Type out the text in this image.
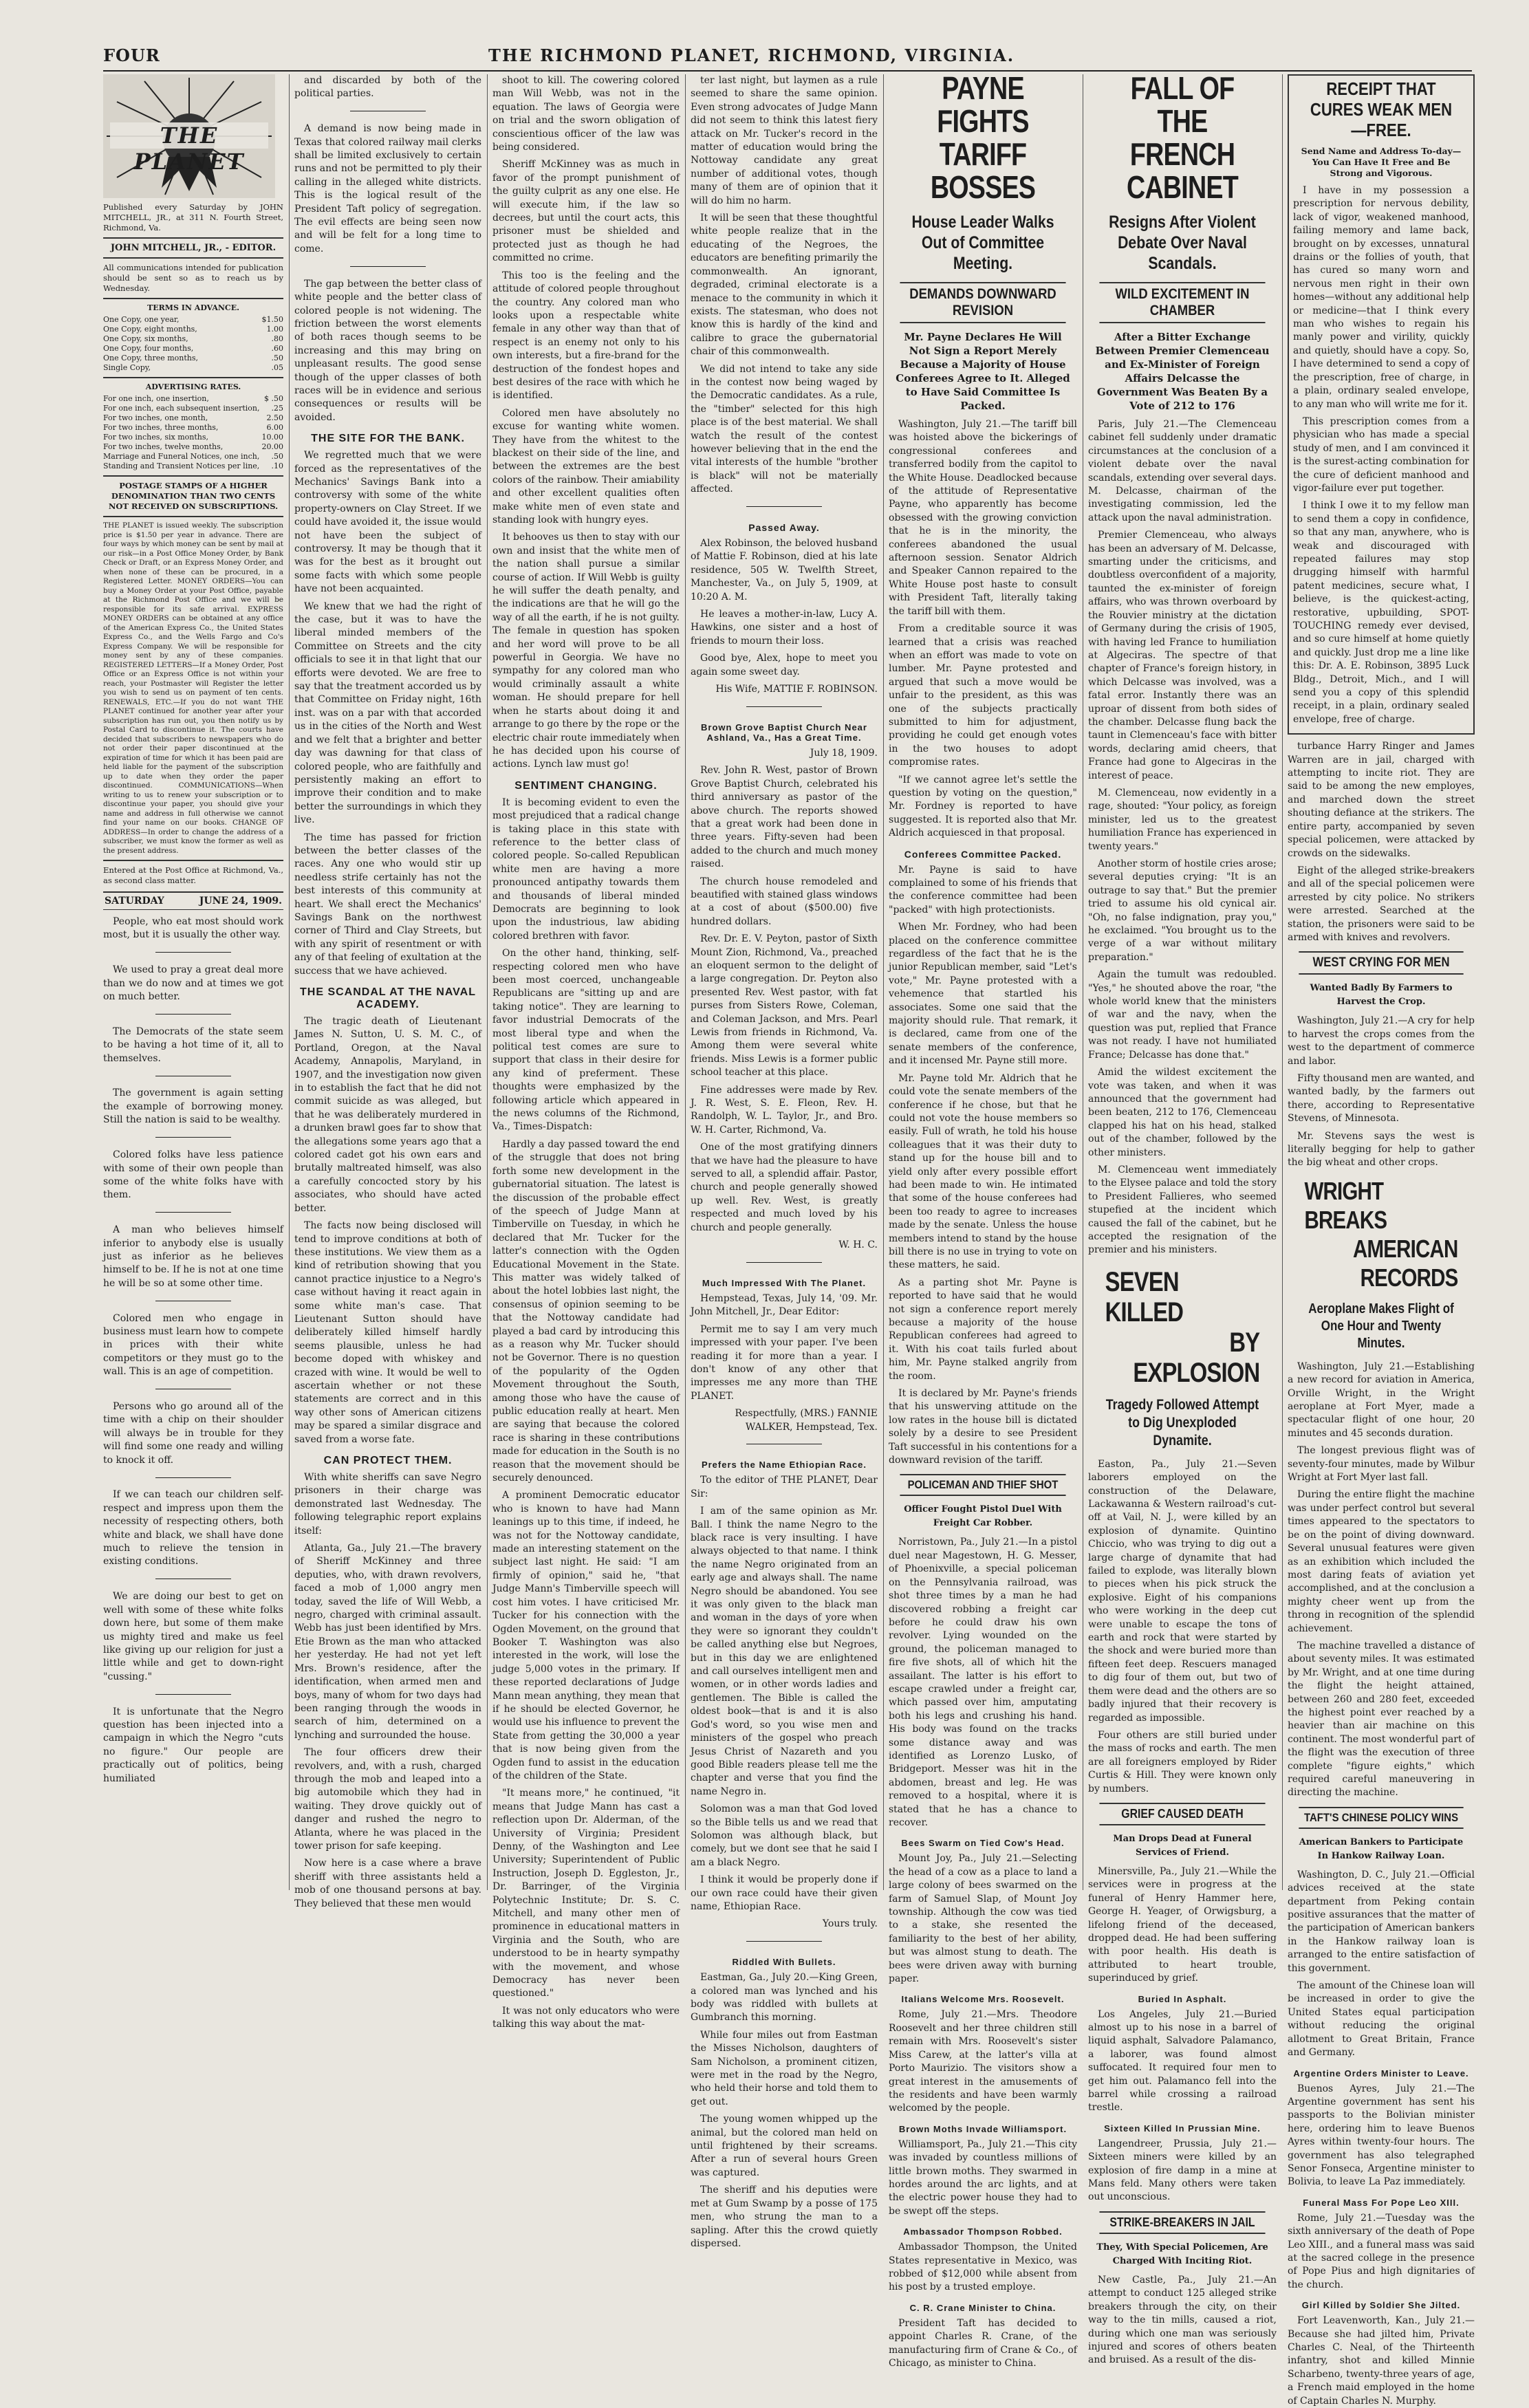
FOUR	THE RICHMOND PLANET, RICHMOND, VIRGINIA.
THE PLANET
Published every Saturday by JOHN MITCHELL, JR., at 311 N. Fourth Street, Richmond, Va.
JOHN MITCHELL, JR., - EDITOR.
All communications intended for publication should be sent so as to reach us by Wednesday.
TERMS IN ADVANCE.
One Copy, one year,	$1.50
One Copy, eight months,	1.00
One Copy, six months,	.80
One Copy, four months,	.60
One Copy, three months,	.50
Single Copy,	.05
ADVERTISING RATES.
For one inch, one insertion,	$ .50
For one inch, each subsequent insertion, .25
For two inches, one month,	2.50
For two inches, three months,	6.00
For two inches, six months,	10.00
For two inches, twelve months,	20.00
Marriage and Funeral Notices, one inch, .50
Standing and Transient Notices per line, .10
POSTAGE STAMPS OF A HIGHER DENOMINATION THAN TWO CENTS NOT RECEIVED ON SUBSCRIPTIONS.
THE PLANET is issued weekly. The subscription price is $1.50 per year in advance. There are four ways by which money can be sent by mail at our risk—in a Post Office Money Order, by Bank Check or Draft, or an Express Money Order, and when none of these can be procured, in a Registered Letter. MONEY ORDERS—You can buy a Money Order at your Post Office, payable at the Richmond Post Office and we will be responsible for its safe arrival. EXPRESS MONEY ORDERS can be obtained at any office of the American Express Co., the United States Express Co., and the Wells Fargo and Co's Express Company. We will be responsible for money sent by any of these companies. REGISTERED LETTERS—If a Money Order, Post Office or an Express Office is not within your reach, your Postmaster will Register the letter you wish to send us on payment of ten cents. RENEWALS, ETC.—If you do not want THE PLANET continued for another year after your subscription has run out, you then notify us by Postal Card to discontinue it. The courts have decided that subscribers to newspapers who do not order their paper discontinued at the expiration of time for which it has been paid are held liable for the payment of the subscription up to date when they order the paper discontinued. COMMUNICATIONS—When writing to us to renew your subscription or to discontinue your paper, you should give your name and address in full otherwise we cannot find your name on our books. CHANGE OF ADDRESS—In order to change the address of a subscriber, we must know the former as well as the present address.
Entered at the Post Office at Richmond, Va., as second class matter.
SATURDAY	JUNE 24, 1909.

People, who eat most should work most, but it is usually the other way.

We used to pray a great deal more than we do now and at times we got on much better.

The Democrats of the state seem to be having a hot time of it, all to themselves.

The government is again setting the example of borrowing money. Still the nation is said to be wealthy.

Colored folks have less patience with some of their own people than some of the white folks have with them.

A man who believes himself inferior to anybody else is usually just as inferior as he believes himself to be. If he is not at one time he will be so at some other time.

Colored men who engage in business must learn how to compete in prices with their white competitors or they must go to the wall. This is an age of competition.

Persons who go around all of the time with a chip on their shoulder will always be in trouble for they will find some one ready and willing to knock it off.

If we can teach our children self-respect and impress upon them the necessity of respecting others, both white and black, we shall have done much to relieve the tension in existing conditions.

We are doing our best to get on well with some of these white folks down here, but some of them make us mighty tired and make us feel like giving up our religion for just a little while and get to down-right "cussing."

It is unfortunate that the Negro question has been injected into a campaign in which the Negro "cuts no figure." Our people are practically out of politics, being humiliated

and discarded by both of the political parties.

A demand is now being made in Texas that colored railway mail clerks shall be limited exclusively to certain runs and not be permitted to ply their calling in the alleged white districts. This is the logical result of the President Taft policy of segregation. The evil effects are being seen now and will be felt for a long time to come.

The gap between the better class of white people and the better class of colored people is not widening. The friction between the worst elements of both races though seems to be increasing and this may bring on unpleasant results. The good sense though of the upper classes of both races will be in evidence and serious consequences or results will be avoided.

THE SITE FOR THE BANK.

We regretted much that we were forced as the representatives of the Mechanics' Savings Bank into a controversy with some of the white property-owners on Clay Street. If we could have avoided it, the issue would not have been the subject of controversy. It may be though that it was for the best as it brought out some facts with which some people have not been acquainted.

We knew that we had the right of the case, but it was to have the liberal minded members of the Committee on Streets and the city officials to see it in that light that our efforts were devoted. We are free to say that the treatment accorded us by that Committee on Friday night, 16th inst. was on a par with that accorded us in the cities of the North and West and we felt that a brighter and better day was dawning for that class of colored people, who are faithfully and persistently making an effort to improve their condition and to make better the surroundings in which they live.

The time has passed for friction between the better classes of the races. Any one who would stir up needless strife certainly has not the best interests of this community at heart. We shall erect the Mechanics' Savings Bank on the northwest corner of Third and Clay Streets, but with any spirit of resentment or with any of that feeling of exultation at the success that we have achieved.

THE SCANDAL AT THE NAVAL ACADEMY.

The tragic death of Lieutenant James N. Sutton, U. S. M. C., of Portland, Oregon, at the Naval Academy, Annapolis, Maryland, in 1907, and the investigation now given in to establish the fact that he did not commit suicide as was alleged, but that he was deliberately murdered in a drunken brawl goes far to show that the allegations some years ago that a colored cadet got his own ears and brutally maltreated himself, was also a carefully concocted story by his associates, who should have acted better.

The facts now being disclosed will tend to improve conditions at both of these institutions. We view them as a kind of retribution showing that you cannot practice injustice to a Negro's case without having it react again in some white man's case. That Lieutenant Sutton should have deliberately killed himself hardly seems plausible, unless he had become doped with whiskey and crazed with wine. It would be well to ascertain whether or not these statements are correct and in this way other sons of American citizens may be spared a similar disgrace and saved from a worse fate.

CAN PROTECT THEM.

With white sheriffs can save Negro prisoners in their charge was demonstrated last Wednesday. The following telegraphic report explains itself:

Atlanta, Ga., July 21.—The bravery of Sheriff McKinney and three deputies, who, with drawn revolvers, faced a mob of 1,000 angry men today, saved the life of Will Webb, a negro, charged with criminal assault. Webb has just been identified by Mrs. Etie Brown as the man who attacked her yesterday. He had not yet left Mrs. Brown's residence, after the identification, when armed men and boys, many of whom for two days had been ranging through the woods in search of him, determined on a lynching and surrounded the house.

The four officers drew their revolvers, and, with a rush, charged through the mob and leaped into a big automobile which they had in waiting. They drove quickly out of danger and rushed the negro to Atlanta, where he was placed in the tower prison for safe keeping.

Now here is a case where a brave sheriff with three assistants held a mob of one thousand persons at bay. They believed that these men would

shoot to kill. The cowering colored man Will Webb, was not in the equation. The laws of Georgia were on trial and the sworn obligation of conscientious officer of the law was being considered.

Sheriff McKinney was as much in favor of the prompt punishment of the guilty culprit as any one else. He will execute him, if the law so decrees, but until the court acts, this prisoner must be shielded and protected just as though he had committed no crime.

This too is the feeling and the attitude of colored people throughout the country. Any colored man who looks upon a respectable white female in any other way than that of respect is an enemy not only to his own interests, but a fire-brand for the destruction of the fondest hopes and best desires of the race with which he is identified.

Colored men have absolutely no excuse for wanting white women. They have from the whitest to the blackest on their side of the line, and between the extremes are the best colors of the rainbow. Their amiability and other excellent qualities often make white men of even state and standing look with hungry eyes.

It behooves us then to stay with our own and insist that the white men of the nation shall pursue a similar course of action. If Will Webb is guilty he will suffer the death penalty, and the indications are that he will go the way of all the earth, if he is not guilty. The female in question has spoken and her word will prove to be all powerful in Georgia. We have no sympathy for any colored man who would criminally assault a white woman. He should prepare for hell when he starts about doing it and arrange to go there by the rope or the electric chair route immediately when he has decided upon his course of actions. Lynch law must go!

SENTIMENT CHANGING.

It is becoming evident to even the most prejudiced that a radical change is taking place in this state with reference to the better class of colored people. So-called Republican white men are having a more pronounced antipathy towards them and thousands of liberal minded Democrats are beginning to look upon the industrious, law abiding colored brethren with favor.

On the other hand, thinking, self-respecting colored men who have been most coerced, unchangeable Republicans are "sitting up and are taking notice". They are learning to favor industrial Democrats of the most liberal type and when the political test comes are sure to support that class in their desire for any kind of preferment. These thoughts were emphasized by the following article which appeared in the news columns of the Richmond, Va., Times-Dispatch:

Hardly a day passed toward the end of the struggle that does not bring forth some new development in the gubernatorial situation. The latest is the discussion of the probable effect of the speech of Judge Mann at Timberville on Tuesday, in which he declared that Mr. Tucker for the latter's connection with the Ogden Educational Movement in the State. This matter was widely talked of about the hotel lobbies last night, the consensus of opinion seeming to be that the Nottoway candidate had played a bad card by introducing this as a reason why Mr. Tucker should not be Governor. There is no question of the popularity of the Ogden Movement throughout the South, among those who have the cause of public education really at heart. Men are saying that because the colored race is sharing in these contributions made for education in the South is no reason that the movement should be securely denounced.

A prominent Democratic educator who is known to have had Mann leanings up to this time, if indeed, he was not for the Nottoway candidate, made an interesting statement on the subject last night. He said: "I am firmly of opinion," said he, "that Judge Mann's Timberville speech will cost him votes. I have criticised Mr. Tucker for his connection with the Ogden Movement, on the ground that Booker T. Washington was also interested in the work, will lose the judge 5,000 votes in the primary. If these reported declarations of Judge Mann mean anything, they mean that if he should be elected Governor, he would use his influence to prevent the State from getting the 30,000 a year that is now being given from the Ogden fund to assist in the education of the children of the State.

"It means more," he continued, "it means that Judge Mann has cast a reflection upon Dr. Alderman, of the University of Virginia; President Denny, of the Washington and Lee University; Superintendent of Public Instruction, Joseph D. Eggleston, Jr., Dr. Barringer, of the Virginia Polytechnic Institute; Dr. S. C. Mitchell, and many other men of prominence in educational matters in Virginia and the South, who are understood to be in hearty sympathy with the movement, and whose Democracy has never been questioned."

It was not only educators who were talking this way about the mat-

ter last night, but laymen as a rule seemed to share the same opinion. Even strong advocates of Judge Mann did not seem to think this latest fiery attack on Mr. Tucker's record in the matter of education would bring the Nottoway candidate any great number of additional votes, though many of them are of opinion that it will do him no harm.

It will be seen that these thoughtful white people realize that in the educating of the Negroes, the educators are benefiting primarily the commonwealth. An ignorant, degraded, criminal electorate is a menace to the community in which it exists. The statesman, who does not know this is hardly of the kind and calibre to grace the gubernatorial chair of this commonwealth.

We did not intend to take any side in the contest now being waged by the Democratic candidates. As a rule, the "timber" selected for this high place is of the best material. We shall watch the result of the contest however believing that in the end the vital interests of the humble "brother is black" will not be materially affected.

Passed Away.

Alex Robinson, the beloved husband of Mattie F. Robinson, died at his late residence, 505 W. Twelfth Street, Manchester, Va., on July 5, 1909, at 10:20 A. M.

He leaves a mother-in-law, Lucy A. Hawkins, one sister and a host of friends to mourn their loss.

Good bye, Alex, hope to meet you again some sweet day.

His Wife, MATTIE F. ROBINSON.

Brown Grove Baptist Church Near Ashland, Va., Has a Great Time.

July 18, 1909.

Rev. John R. West, pastor of Brown Grove Baptist Church, celebrated his third anniversary as pastor of the above church. The reports showed that a great work had been done in three years. Fifty-seven had been added to the church and much money raised.

The church house remodeled and beautified with stained glass windows at a cost of about ($500.00) five hundred dollars.

Rev. Dr. E. V. Peyton, pastor of Sixth Mount Zion, Richmond, Va., preached an eloquent sermon to the delight of a large congregation. Dr. Peyton also presented Rev. West pastor, with fat purses from Sisters Rowe, Coleman, and Coleman Jackson, and Mrs. Pearl Lewis from friends in Richmond, Va. Among them were several white friends. Miss Lewis is a former public school teacher at this place.

Fine addresses were made by Rev. J. R. West, S. E. Fleon, Rev. H. Randolph, W. L. Taylor, Jr., and Bro. W. H. Carter, Richmond, Va.

One of the most gratifying dinners that we have had the pleasure to have served to all, a splendid affair. Pastor, church and people generally showed up well. Rev. West, is greatly respected and much loved by his church and people generally.

W. H. C.

Much Impressed With The Planet.

Hempstead, Texas, July 14, '09. Mr. John Mitchell, Jr., Dear Editor:

Permit me to say I am very much impressed with your paper. I've been reading it for more than a year. I don't know of any other that impresses me any more than THE PLANET.

Respectfully, (MRS.) FANNIE WALKER, Hempstead, Tex.

Prefers the Name Ethiopian Race.

To the editor of THE PLANET, Dear Sir:

I am of the same opinion as Mr. Ball. I think the name Negro to the black race is very insulting. I have always objected to that name. I think the name Negro originated from an early age and always shall. The name Negro should be abandoned. You see it was only given to the black man and woman in the days of yore when they were so ignorant they couldn't be called anything else but Negroes, but in this day we are enlightened and call ourselves intelligent men and women, or in other words ladies and gentlemen. The Bible is called the oldest book—that is and it is also God's word, so you wise men and ministers of the gospel who preach Jesus Christ of Nazareth and you good Bible readers please tell me the chapter and verse that you find the name Negro in.

Solomon was a man that God loved so the Bible tells us and we read that Solomon was although black, but comely, but we dont see that he said I am a black Negro.

I think it would be properly done if our own race could have their given name, Ethiopian Race.

Yours truly.

Riddled With Bullets.

Eastman, Ga., July 20.—King Green, a colored man was lynched and his body was riddled with bullets at Gumbranch this morning.

While four miles out from Eastman the Misses Nicholson, daughters of Sam Nicholson, a prominent citizen, were met in the road by the Negro, who held their horse and told them to get out.

The young women whipped up the animal, but the colored man held on until frightened by their screams. After a run of several hours Green was captured.

The sheriff and his deputies were met at Gum Swamp by a posse of 175 men, who strung the man to a sapling. After this the crowd quietly dispersed.

PAYNE FIGHTS TARIFF BOSSES
House Leader Walks Out of Committee Meeting.
DEMANDS DOWNWARD REVISION
Mr. Payne Declares He Will Not Sign a Report Merely Because a Majority of House Conferees Agree to It. Alleged to Have Said Committee Is Packed.

Washington, July 21.—The tariff bill was hoisted above the bickerings of congressional conferees and transferred bodily from the capitol to the White House. Deadlocked because of the attitude of Representative Payne, who apparently has become obsessed with the growing conviction that he is in the minority, the conferees abandoned the usual afternoon session. Senator Aldrich and Speaker Cannon repaired to the White House post haste to consult with President Taft, literally taking the tariff bill with them.

From a creditable source it was learned that a crisis was reached when an effort was made to vote on lumber. Mr. Payne protested and argued that such a move would be unfair to the president, as this was one of the subjects practically submitted to him for adjustment, providing he could get enough votes in the two houses to adopt compromise rates.

"If we cannot agree let's settle the question by voting on the question," Mr. Fordney is reported to have suggested. It is reported also that Mr. Aldrich acquiesced in that proposal.

Conferees Committee Packed.

Mr. Payne is said to have complained to some of his friends that the conference committee had been "packed" with high protectionists.

When Mr. Fordney, who had been placed on the conference committee regardless of the fact that he is the junior Republican member, said "Let's vote," Mr. Payne protested with a vehemence that startled his associates. Some one said that the majority should rule. That remark, it is declared, came from one of the senate members of the conference, and it incensed Mr. Payne still more.

Mr. Payne told Mr. Aldrich that he could vote the senate members of the conference if he chose, but that he could not vote the house members so easily. Full of wrath, he told his house colleagues that it was their duty to stand up for the house bill and to yield only after every possible effort had been made to win. He intimated that some of the house conferees had been too ready to agree to increases made by the senate. Unless the house members intend to stand by the house bill there is no use in trying to vote on these matters, he said.

As a parting shot Mr. Payne is reported to have said that he would not sign a conference report merely because a majority of the house Republican conferees had agreed to it. With his coat tails furled about him, Mr. Payne stalked angrily from the room.

It is declared by Mr. Payne's friends that his unswerving attitude on the low rates in the house bill is dictated solely by a desire to see President Taft successful in his contentions for a downward revision of the tariff.

POLICEMAN AND THIEF SHOT
Officer Fought Pistol Duel With Freight Car Robber.

Norristown, Pa., July 21.—In a pistol duel near Magestown, H. G. Messer, of Phoenixville, a special policeman on the Pennsylvania railroad, was shot three times by a man he had discovered robbing a freight car before he could draw his own revolver. Lying wounded on the ground, the policeman managed to fire five shots, all of which hit the assailant. The latter is his effort to escape crawled under a freight car, which passed over him, amputating both his legs and crushing his hand. His body was found on the tracks some distance away and was identified as Lorenzo Lusko, of Bridgeport. Messer was hit in the abdomen, breast and leg. He was removed to a hospital, where it is stated that he has a chance to recover.

Bees Swarm on Tied Cow's Head.

Mount Joy, Pa., July 21.—Selecting the head of a cow as a place to land a large colony of bees swarmed on the farm of Samuel Slap, of Mount Joy township. Although the cow was tied to a stake, she resented the familiarity to the best of her ability, but was almost stung to death. The bees were driven away with burning paper.

Italians Welcome Mrs. Roosevelt.

Rome, July 21.—Mrs. Theodore Roosevelt and her three children still remain with Mrs. Roosevelt's sister Miss Carew, at the latter's villa at Porto Maurizio. The visitors show a great interest in the amusements of the residents and have been warmly welcomed by the people.

Brown Moths Invade Williamsport.

Williamsport, Pa., July 21.—This city was invaded by countless millions of little brown moths. They swarmed in hordes around the arc lights, and at the electric power house they had to be swept off the steps.

Ambassador Thompson Robbed.

Ambassador Thompson, the United States representative in Mexico, was robbed of $12,000 while absent from his post by a trusted employe.

C. R. Crane Minister to China.

President Taft has decided to appoint Charles R. Crane, of the manufacturing firm of Crane & Co., of Chicago, as minister to China.

FALL OF THE FRENCH CABINET
Resigns After Violent Debate Over Naval Scandals.
WILD EXCITEMENT IN CHAMBER
After a Bitter Exchange Between Premier Clemenceau and Ex-Minister of Foreign Affairs Delcasse the Government Was Beaten By a Vote of 212 to 176

Paris, July 21.—The Clemenceau cabinet fell suddenly under dramatic circumstances at the conclusion of a violent debate over the naval scandals, extending over several days. M. Delcasse, chairman of the investigating commission, led the attack upon the naval administration.

Premier Clemenceau, who always has been an adversary of M. Delcasse, smarting under the criticisms, and doubtless overconfident of a majority, taunted the ex-minister of foreign affairs, who was thrown overboard by the Rouvier ministry at the dictation of Germany during the crisis of 1905, with having led France to humiliation at Algeciras. The spectre of that chapter of France's foreign history, in which Delcasse was involved, was a fatal error. Instantly there was an uproar of dissent from both sides of the chamber. Delcasse flung back the taunt in Clemenceau's face with bitter words, declaring amid cheers, that France had gone to Algeciras in the interest of peace.

M. Clemenceau, now evidently in a rage, shouted: "Your policy, as foreign minister, led us to the greatest humiliation France has experienced in twenty years."

Another storm of hostile cries arose; several deputies crying: "It is an outrage to say that." But the premier tried to assume his old cynical air. "Oh, no false indignation, pray you," he exclaimed. "You brought us to the verge of a war without military preparation."

Again the tumult was redoubled. "Yes," he shouted above the roar, "the whole world knew that the ministers of war and the navy, when the question was put, replied that France was not ready. I have not humiliated France; Delcasse has done that."

Amid the wildest excitement the vote was taken, and when it was announced that the government had been beaten, 212 to 176, Clemenceau clapped his hat on his head, stalked out of the chamber, followed by the other ministers.

M. Clemenceau went immediately to the Elysee palace and told the story to President Fallieres, who seemed stupefied at the incident which caused the fall of the cabinet, but he accepted the resignation of the premier and his ministers.

SEVEN KILLED
BY EXPLOSION
Tragedy Followed Attempt to Dig Unexploded Dynamite.

Easton, Pa., July 21.—Seven laborers employed on the construction of the Delaware, Lackawanna & Western railroad's cut-off at Vail, N. J., were killed by an explosion of dynamite. Quintino Chiccio, who was trying to dig out a large charge of dynamite that had failed to explode, was literally blown to pieces when his pick struck the explosive. Eight of his companions who were working in the deep cut were unable to escape the tons of earth and rock that were started by the shock and were buried more than fifteen feet deep. Rescuers managed to dig four of them out, but two of them were dead and the others are so badly injured that their recovery is regarded as impossible.

Four others are still buried under the mass of rocks and earth. The men are all foreigners employed by Rider Curtis & Hill. They were known only by numbers.

GRIEF CAUSED DEATH
Man Drops Dead at Funeral Services of Friend.

Minersville, Pa., July 21.—While the services were in progress at the funeral of Henry Hammer here, George H. Yeager, of Orwigsburg, a lifelong friend of the deceased, dropped dead. He had been suffering with poor health. His death is attributed to heart trouble, superinduced by grief.

Buried In Asphalt.

Los Angeles, July 21.—Buried almost up to his nose in a barrel of liquid asphalt, Salvadore Palamanco, a laborer, was found almost suffocated. It required four men to get him out. Palamanco fell into the barrel while crossing a railroad trestle.

Sixteen Killed In Prussian Mine.

Langendreer, Prussia, July 21.—Sixteen miners were killed by an explosion of fire damp in a mine at Mans feld. Many others were taken out unconscious.

STRIKE-BREAKERS IN JAIL
They, With Special Policemen, Are Charged With Inciting Riot.

New Castle, Pa., July 21.—An attempt to conduct 125 alleged strike breakers through the city, on their way to the tin mills, caused a riot, during which one man was seriously injured and scores of others beaten and bruised. As a result of the dis-

RECEIPT THAT CURES WEAK MEN—FREE.
Send Name and Address To-day—You Can Have It Free and Be Strong and Vigorous.

I have in my possession a prescription for nervous debility, lack of vigor, weakened manhood, failing memory and lame back, brought on by excesses, unnatural drains or the follies of youth, that has cured so many worn and nervous men right in their own homes—without any additional help or medicine—that I think every man who wishes to regain his manly power and virility, quickly and quietly, should have a copy. So, I have determined to send a copy of the prescription, free of charge, in a plain, ordinary sealed envelope, to any man who will write me for it.

This prescription comes from a physician who has made a special study of men, and I am convinced it is the surest-acting combination for the cure of deficient manhood and vigor-failure ever put together.

I think I owe it to my fellow man to send them a copy in confidence, so that any man, anywhere, who is weak and discouraged with repeated failures may stop drugging himself with harmful patent medicines, secure what, I believe, is the quickest-acting, restorative, upbuilding, SPOT-TOUCHING remedy ever devised, and so cure himself at home quietly and quickly. Just drop me a line like this: Dr. A. E. Robinson, 3895 Luck Bldg., Detroit, Mich., and I will send you a copy of this splendid receipt, in a plain, ordinary sealed envelope, free of charge.

turbance Harry Ringer and James Warren are in jail, charged with attempting to incite riot. They are said to be among the new employes, and marched down the street shouting defiance at the strikers. The entire party, accompanied by seven special policemen, were attacked by crowds on the sidewalks.

Eight of the alleged strike-breakers and all of the special policemen were arrested by city police. No strikers were arrested. Searched at the station, the prisoners were said to be armed with knives and revolvers.

WEST CRYING FOR MEN
Wanted Badly By Farmers to Harvest the Crop.

Washington, July 21.—A cry for help to harvest the crops comes from the west to the department of commerce and labor.

Fifty thousand men are wanted, and wanted badly, by the farmers out there, according to Representative Stevens, of Minnesota.

Mr. Stevens says the west is literally begging for help to gather the big wheat and other crops.

WRIGHT BREAKS
AMERICAN RECORDS
Aeroplane Makes Flight of One Hour and Twenty Minutes.

Washington, July 21.—Establishing a new record for aviation in America, Orville Wright, in the Wright aeroplane at Fort Myer, made a spectacular flight of one hour, 20 minutes and 45 seconds duration.

The longest previous flight was of seventy-four minutes, made by Wilbur Wright at Fort Myer last fall.

During the entire flight the machine was under perfect control but several times appeared to the spectators to be on the point of diving downward. Several unusual features were given as an exhibition which included the most daring feats of aviation yet accomplished, and at the conclusion a mighty cheer went up from the throng in recognition of the splendid achievement.

The machine travelled a distance of about seventy miles. It was estimated by Mr. Wright, and at one time during the flight the height attained, between 260 and 280 feet, exceeded the highest point ever reached by a heavier than air machine on this continent. The most wonderful part of the flight was the execution of three complete "figure eights," which required careful maneuvering in directing the machine.

TAFT'S CHINESE POLICY WINS
American Bankers to Participate In Hankow Railway Loan.

Washington, D. C., July 21.—Official advices received at the state department from Peking contain positive assurances that the matter of the participation of American bankers in the Hankow railway loan is arranged to the entire satisfaction of this government.

The amount of the Chinese loan will be increased in order to give the United States equal participation without reducing the original allotment to Great Britain, France and Germany.

Argentine Orders Minister to Leave.

Buenos Ayres, July 21.—The Argentine government has sent his passports to the Bolivian minister here, ordering him to leave Buenos Ayres within twenty-four hours. The government has also telegraphed Senor Fonseca, Argentine minister to Bolivia, to leave La Paz immediately.

Funeral Mass For Pope Leo XIII.

Rome, July 21.—Tuesday was the sixth anniversary of the death of Pope Leo XIII., and a funeral mass was said at the sacred college in the presence of Pope Pius and high dignitaries of the church.

Girl Killed by Soldier She Jilted.

Fort Leavenworth, Kan., July 21.—Because she had jilted him, Private Charles C. Neal, of the Thirteenth infantry, shot and killed Minnie Scharbeno, twenty-three years of age, a French maid employed in the home of Captain Charles N. Murphy.
